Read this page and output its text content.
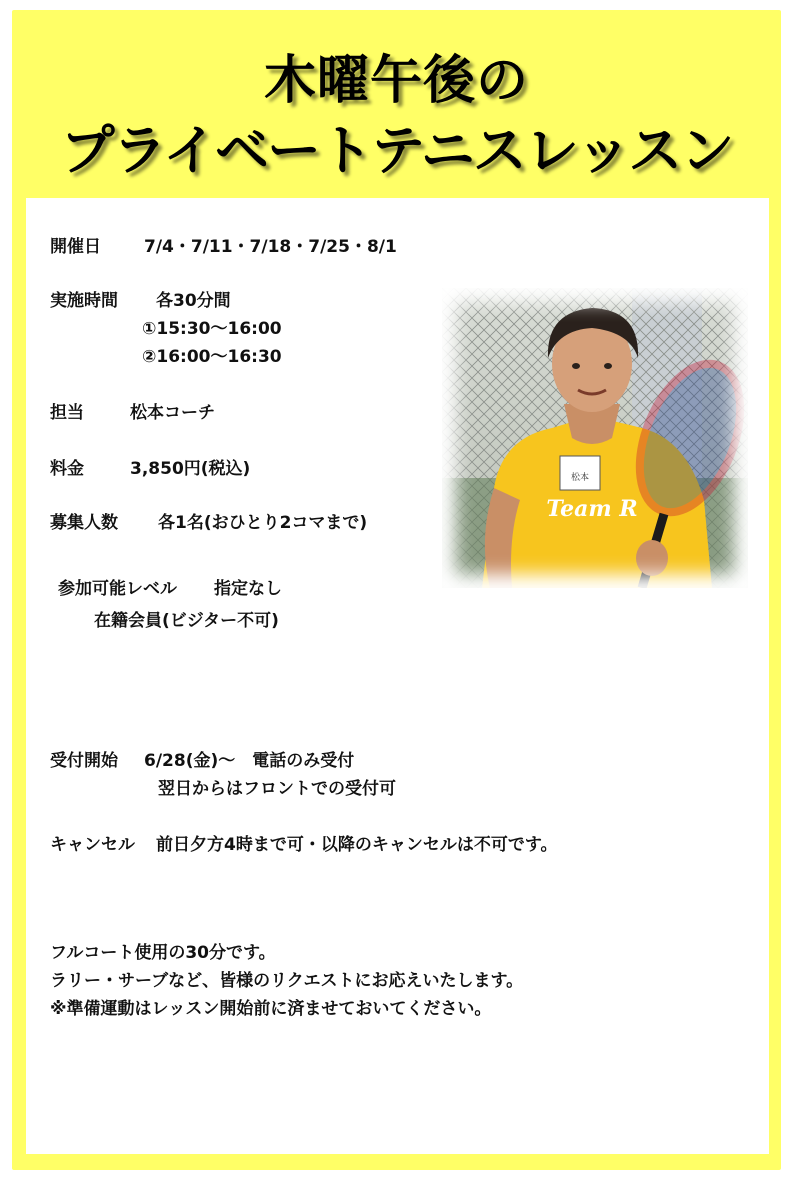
木曜午後の
プライベートテニスレッスン
開催日	7/4・7/11・7/18・7/25・8/1
実施時間 各30分間
①15:30〜16:00
②16:00〜16:30
担当	松本コーチ
料金	3,850円(税込)
募集人数 各1名(おひとり2コマまで)
参加可能レベル 指定なし
在籍会員(ビジター不可)
受付開始 6/28(金)〜　電話のみ受付
翌日からはフロントでの受付可
キャンセル 前日夕方4時まで可・以降のキャンセルは不可です。
フルコート使用の30分です。
ラリー・サーブなど、皆様のリクエストにお応えいたします。
※準備運動はレッスン開始前に済ませておいてください。
松本
Team R
